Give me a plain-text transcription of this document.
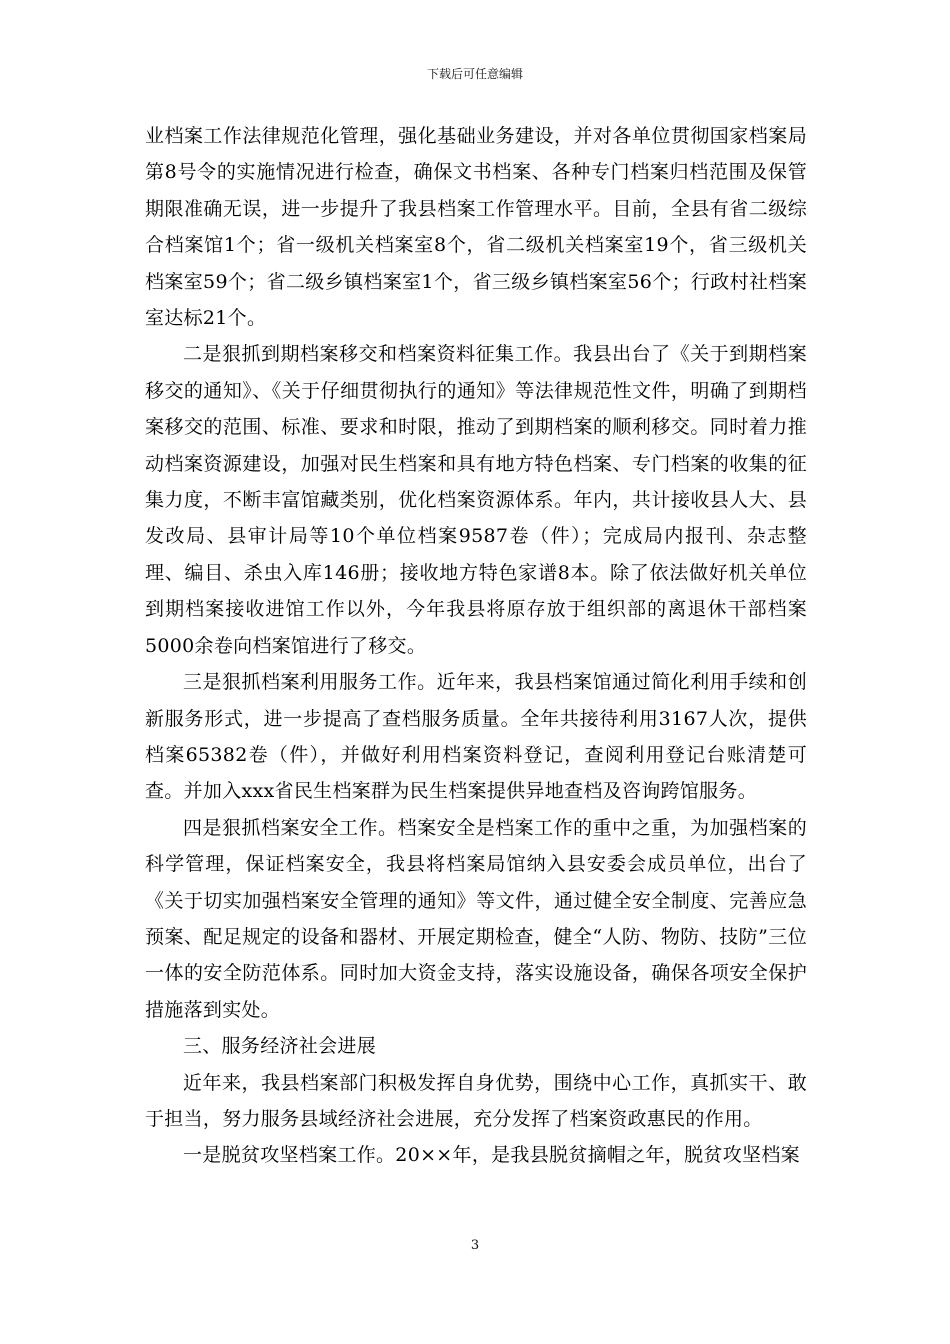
下载后可任意编辑

业档案工作法律规范化管理，强化基础业务建设，并对各单位贯彻国家档案局第8号令的实施情况进行检查，确保文书档案、各种专门档案归档范围及保管期限准确无误，进一步提升了我县档案工作管理水平。目前，全县有省二级综合档案馆1个；省一级机关档案室8个，省二级机关档案室19个，省三级机关档案室59个；省二级乡镇档案室1个，省三级乡镇档案室56个；行政村社档案室达标21个。

二是狠抓到期档案移交和档案资料征集工作。我县出台了《关于到期档案移交的通知》、《关于仔细贯彻执行的通知》等法律规范性文件，明确了到期档案移交的范围、标准、要求和时限，推动了到期档案的顺利移交。同时着力推动档案资源建设，加强对民生档案和具有地方特色档案、专门档案的收集的征集力度，不断丰富馆藏类别，优化档案资源体系。年内，共计接收县人大、县发改局、县审计局等10个单位档案9587卷（件）；完成局内报刊、杂志整理、编目、杀虫入库146册；接收地方特色家谱8本。除了依法做好机关单位到期档案接收进馆工作以外，今年我县将原存放于组织部的离退休干部档案5000余卷向档案馆进行了移交。

三是狠抓档案利用服务工作。近年来，我县档案馆通过简化利用手续和创新服务形式，进一步提高了查档服务质量。全年共接待利用3167人次，提供档案65382卷（件），并做好利用档案资料登记，查阅利用登记台账清楚可查。并加入xxx省民生档案群为民生档案提供异地查档及咨询跨馆服务。

四是狠抓档案安全工作。档案安全是档案工作的重中之重，为加强档案的科学管理，保证档案安全，我县将档案局馆纳入县安委会成员单位，出台了《关于切实加强档案安全管理的通知》等文件，通过健全安全制度、完善应急预案、配足规定的设备和器材、开展定期检查，健全“人防、物防、技防”三位一体的安全防范体系。同时加大资金支持，落实设施设备，确保各项安全保护措施落到实处。

三、服务经济社会进展

近年来，我县档案部门积极发挥自身优势，围绕中心工作，真抓实干、敢于担当，努力服务县域经济社会进展，充分发挥了档案资政惠民的作用。

一是脱贫攻坚档案工作。20××年，是我县脱贫摘帽之年，脱贫攻坚档案

3
